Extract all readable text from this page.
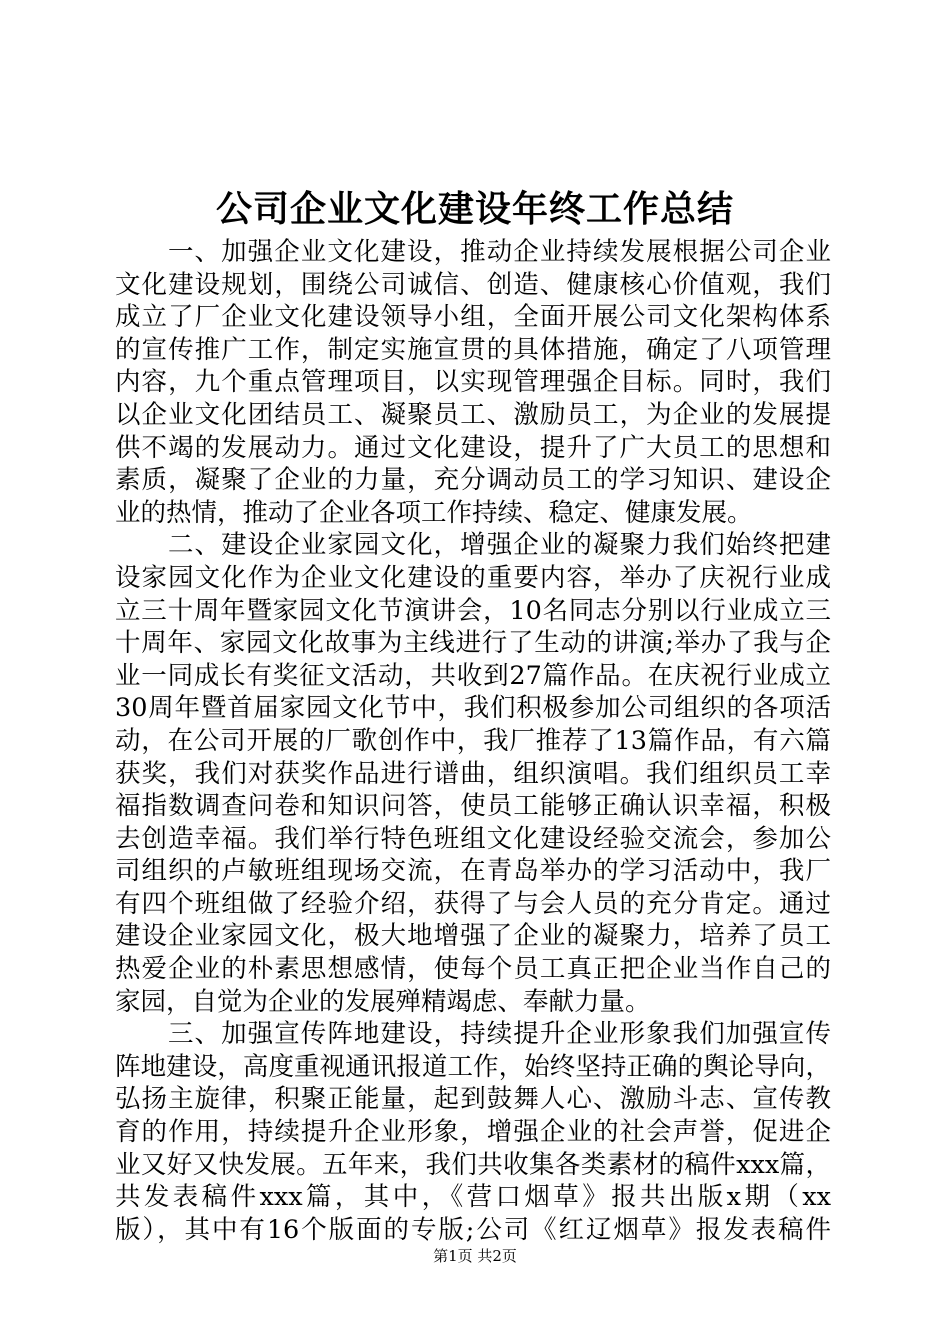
公司企业文化建设年终工作总结
一、加强企业文化建设，推动企业持续发展根据公司企业
文化建设规划，围绕公司诚信、创造、健康核心价值观，我们
成立了厂企业文化建设领导小组，全面开展公司文化架构体系
的宣传推广工作，制定实施宣贯的具体措施，确定了八项管理
内容，九个重点管理项目，以实现管理强企目标。同时，我们
以企业文化团结员工、凝聚员工、激励员工，为企业的发展提
供不竭的发展动力。通过文化建设，提升了广大员工的思想和
素质，凝聚了企业的力量，充分调动员工的学习知识、建设企
业的热情，推动了企业各项工作持续、稳定、健康发展。
二、建设企业家园文化，增强企业的凝聚力我们始终把建
设家园文化作为企业文化建设的重要内容，举办了庆祝行业成
立三十周年暨家园文化节演讲会，10名同志分别以行业成立三
十周年、家园文化故事为主线进行了生动的讲演;举办了我与企
业一同成长有奖征文活动，共收到27篇作品。在庆祝行业成立
30周年暨首届家园文化节中，我们积极参加公司组织的各项活
动，在公司开展的厂歌创作中，我厂推荐了13篇作品，有六篇
获奖，我们对获奖作品进行谱曲，组织演唱。我们组织员工幸
福指数调查问卷和知识问答，使员工能够正确认识幸福，积极
去创造幸福。我们举行特色班组文化建设经验交流会，参加公
司组织的卢敏班组现场交流，在青岛举办的学习活动中，我厂
有四个班组做了经验介绍，获得了与会人员的充分肯定。通过
建设企业家园文化，极大地增强了企业的凝聚力，培养了员工
热爱企业的朴素思想感情，使每个员工真正把企业当作自己的
家园，自觉为企业的发展殚精竭虑、奉献力量。
三、加强宣传阵地建设，持续提升企业形象我们加强宣传
阵地建设，高度重视通讯报道工作，始终坚持正确的舆论导向，
弘扬主旋律，积聚正能量，起到鼓舞人心、激励斗志、宣传教
育的作用，持续提升企业形象，增强企业的社会声誉，促进企
业又好又快发展。五年来，我们共收集各类素材的稿件xxx篇，
共发表稿件xxx篇，其中，《营口烟草》报共出版x期（xx
版），其中有16个版面的专版;公司《红辽烟草》报发表稿件
第1页 共2页
